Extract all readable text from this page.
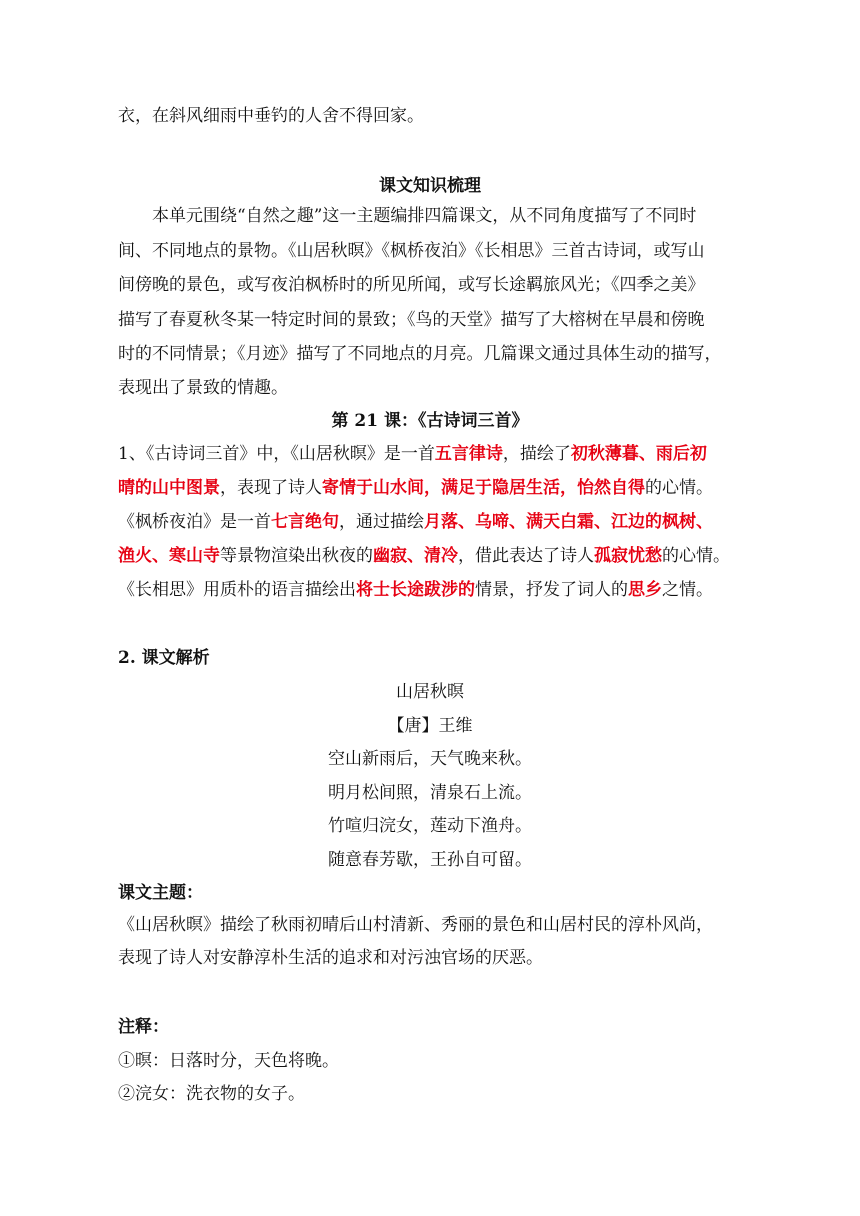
衣，在斜风细雨中垂钓的人舍不得回家。
课文知识梳理
本单元围绕“自然之趣”这一主题编排四篇课文，从不同角度描写了不同时
间、不同地点的景物。《山居秋暝》《枫桥夜泊》《长相思》三首古诗词，或写山
间傍晚的景色，或写夜泊枫桥时的所见所闻，或写长途羁旅风光；《四季之美》
描写了春夏秋冬某一特定时间的景致；《鸟的天堂》描写了大榕树在早晨和傍晚
时的不同情景；《月迹》描写了不同地点的月亮。几篇课文通过具体生动的描写，
表现出了景致的情趣。
第 21 课：《古诗词三首》
1、《古诗词三首》中，《山居秋暝》是一首五言律诗，描绘了初秋薄暮、雨后初
晴的山中图景，表现了诗人寄情于山水间，满足于隐居生活，怡然自得的心情。
《枫桥夜泊》是一首七言绝句，通过描绘月落、乌啼、满天白霜、江边的枫树、
渔火、寒山寺等景物渲染出秋夜的幽寂、清冷，借此表达了诗人孤寂忧愁的心情。
《长相思》用质朴的语言描绘出将士长途跋涉的情景，抒发了词人的思乡之情。
2. 课文解析
山居秋暝
【唐】王维
空山新雨后，天气晚来秋。
明月松间照，清泉石上流。
竹喧归浣女，莲动下渔舟。
随意春芳歇，王孙自可留。
课文主题：
《山居秋暝》描绘了秋雨初晴后山村清新、秀丽的景色和山居村民的淳朴风尚，
表现了诗人对安静淳朴生活的追求和对污浊官场的厌恶。
注释：
①暝：日落时分，天色将晚。
②浣女：洗衣物的女子。
